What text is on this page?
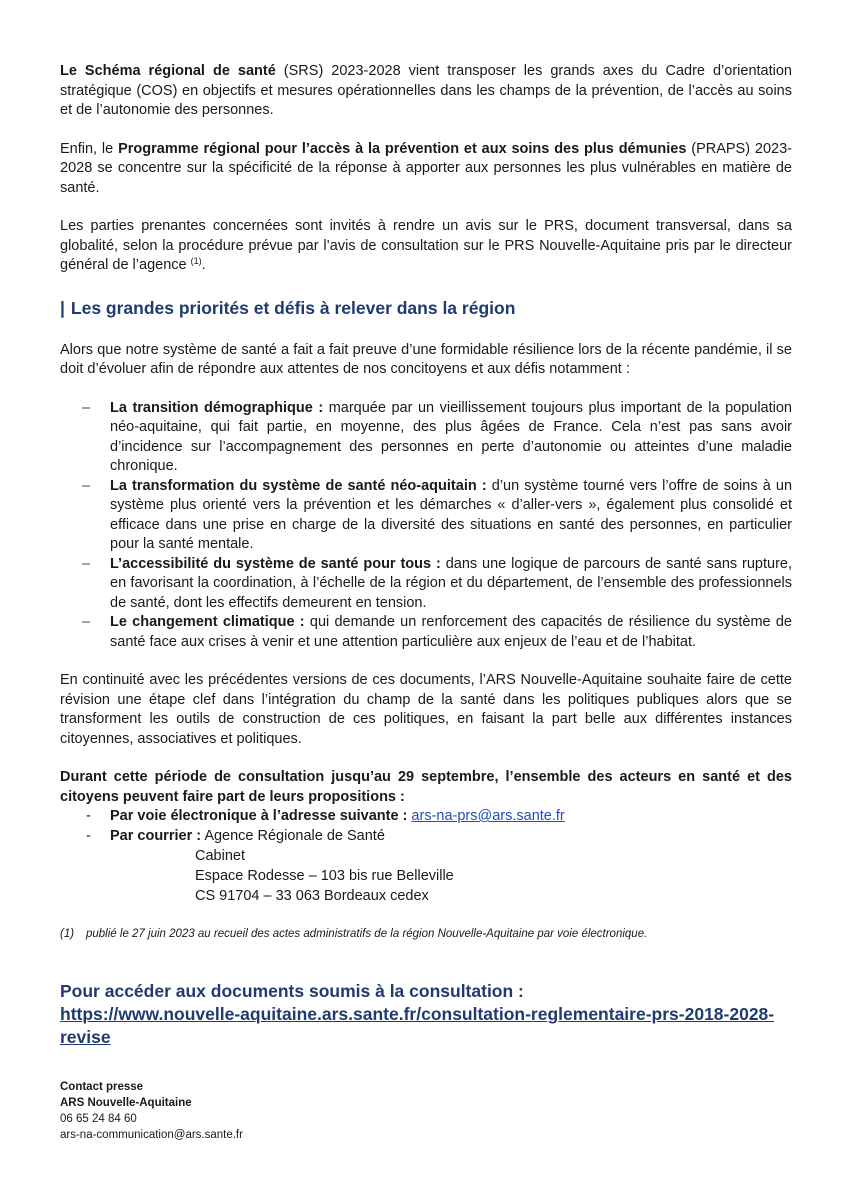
Le Schéma régional de santé (SRS) 2023-2028 vient transposer les grands axes du Cadre d’orientation stratégique (COS) en objectifs et mesures opérationnelles dans les champs de la prévention, de l’accès au soins et de l’autonomie des personnes.

Enfin, le Programme régional pour l’accès à la prévention et aux soins des plus démunies (PRAPS) 2023-2028 se concentre sur la spécificité de la réponse à apporter aux personnes les plus vulnérables en matière de santé.

Les parties prenantes concernées sont invités à rendre un avis sur le PRS, document transversal, dans sa globalité, selon la procédure prévue par l’avis de consultation sur le PRS Nouvelle-Aquitaine pris par le directeur général de l’agence $^{(1)}$.

| Les grandes priorités et défis à relever dans la région

Alors que notre système de santé a fait a fait preuve d’une formidable résilience lors de la récente pandémie, il se doit d’évoluer afin de répondre aux attentes de nos concitoyens et aux défis notamment :

– La transition démographique : marquée par un vieillissement toujours plus important de la population néo-aquitaine, qui fait partie, en moyenne, des plus âgées de France. Cela n’est pas sans avoir d’incidence sur l’accompagnement des personnes en perte d’autonomie ou atteintes d’une maladie chronique.
– La transformation du système de santé néo-aquitain : d’un système tourné vers l’offre de soins à un système plus orienté vers la prévention et les démarches « d’aller-vers », également plus consolidé et efficace dans une prise en charge de la diversité des situations en santé des personnes, en particulier pour la santé mentale.
– L’accessibilité du système de santé pour tous : dans une logique de parcours de santé sans rupture, en favorisant la coordination, à l’échelle de la région et du département, de l’ensemble des professionnels de santé, dont les effectifs demeurent en tension.
– Le changement climatique : qui demande un renforcement des capacités de résilience du système de santé face aux crises à venir et une attention particulière aux enjeux de l’eau et de l’habitat.

En continuité avec les précédentes versions de ces documents, l’ARS Nouvelle-Aquitaine souhaite faire de cette révision une étape clef dans l’intégration du champ de la santé dans les politiques publiques alors que se transforment les outils de construction de ces politiques, en faisant la part belle aux différentes instances citoyennes, associatives et politiques.

Durant cette période de consultation jusqu’au 29 septembre, l’ensemble des acteurs en santé et des citoyens peuvent faire part de leurs propositions :

- Par voie électronique à l’adresse suivante : ars-na-prs@ars.sante.fr
- Par courrier : Agence Régionale de Santé
Cabinet
Espace Rodesse – 103 bis rue Belleville
CS 91704 – 33 063 Bordeaux cedex
(1) publié le 27 juin 2023 au recueil des actes administratifs de la région Nouvelle-Aquitaine par voie électronique.
Pour accéder aux documents soumis à la consultation :
https://www.nouvelle-aquitaine.ars.sante.fr/consultation-reglementaire-prs-2018-2028-revise
Contact presse
ARS Nouvelle-Aquitaine
06 65 24 84 60
ars-na-communication@ars.sante.fr
